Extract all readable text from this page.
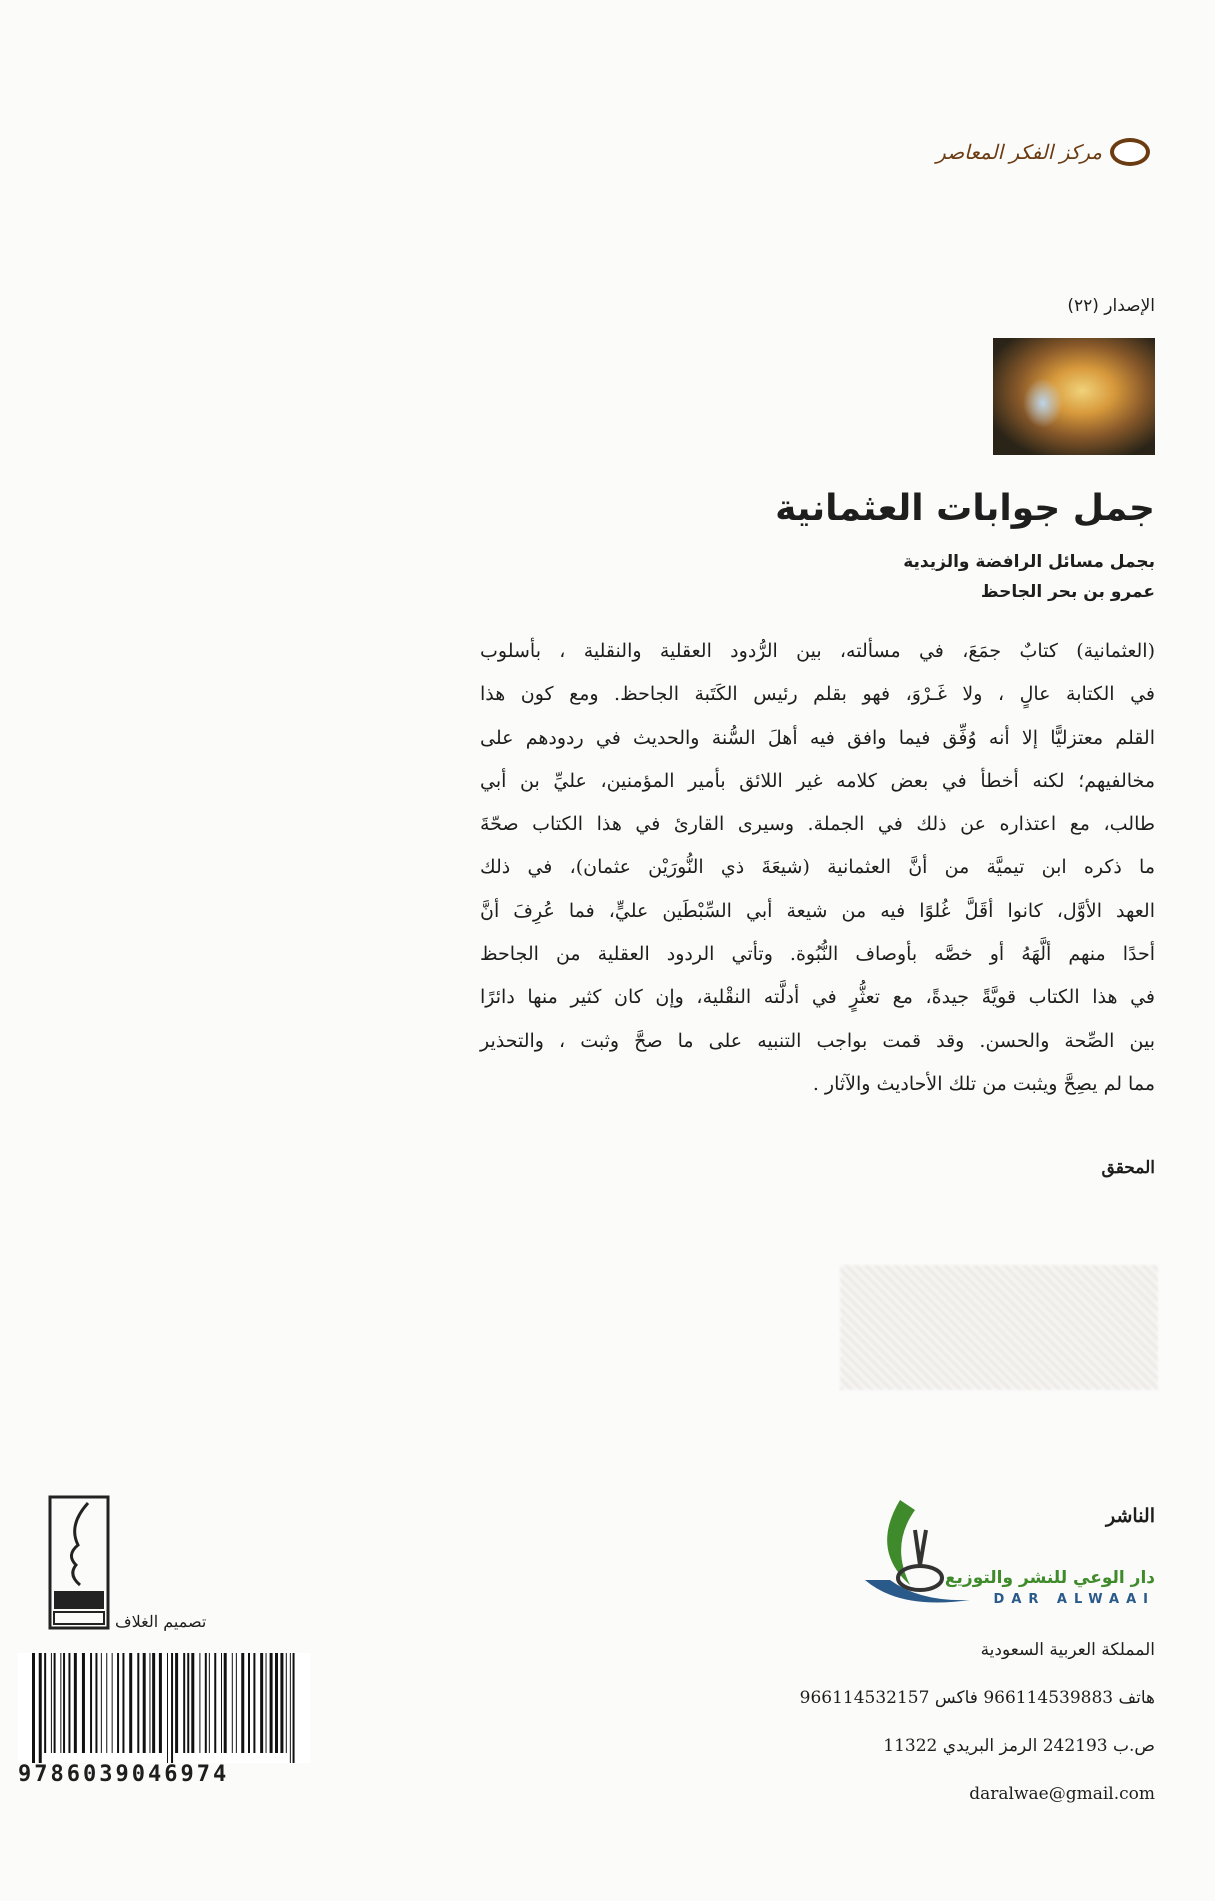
مركز الفكر المعاصر
الإصدار (٢٢)
جمل جوابات العثمانية
بجمل مسائل الرافضة والزيدية
عمرو بن بحر الجاحظ
(العثمانية) كتابٌ جمَعَ، في مسألته، بين الرُّدود العقلية والنقلية ، بأسلوب
في الكتابة عالٍ ، ولا غَـرْوَ، فهو بقلم رئيس الكَتَبة الجاحظ. ومع كون هذا
القلم معتزليًّا إلا أنه وُفِّق فيما وافق فيه أهلَ السُّنة والحديث في ردودهم على
مخالفيهم؛ لكنه أخطأ في بعض كلامه غير اللائق بأمير المؤمنين، عليِّ بن أبي
طالب، مع اعتذاره عن ذلك في الجملة. وسيرى القارئ في هذا الكتاب صحّةَ
ما ذكره ابن تيميَّة من أنَّ العثمانية (شيعَةَ ذي النُّورَيْن عثمان)، في ذلك
العهد الأوَّل، كانوا أقَلَّ غُلوًا فيه من شيعة أبي السِّبْطَين عليٍّ، فما عُرِفَ أنَّ
أحدًا منهم ألَّهَهُ أو خصَّه بأوصاف النُّبُوة. وتأتي الردود العقلية من الجاحظ
في هذا الكتاب قويَّةً جيدةً، مع تعثُّرٍ في أدلَّته النقْلية، وإن كان كثير منها دائرًا
بين الصِّحة والحسن. وقد قمت بواجب التنبيه على ما صحَّ وثبت ، والتحذير
مما لم يصِحَّ ويثبت من تلك الأحاديث والآثار .
المحقق
الناشر
دار الوعي للنشر والتوزيع
DAR ALWAAI
المملكة العربية السعودية
هاتف 966114539883 فاكس 966114532157
ص.ب 242193 الرمز البريدي 11322
daralwae@gmail.com
تصميم الغلاف
9786039046974
